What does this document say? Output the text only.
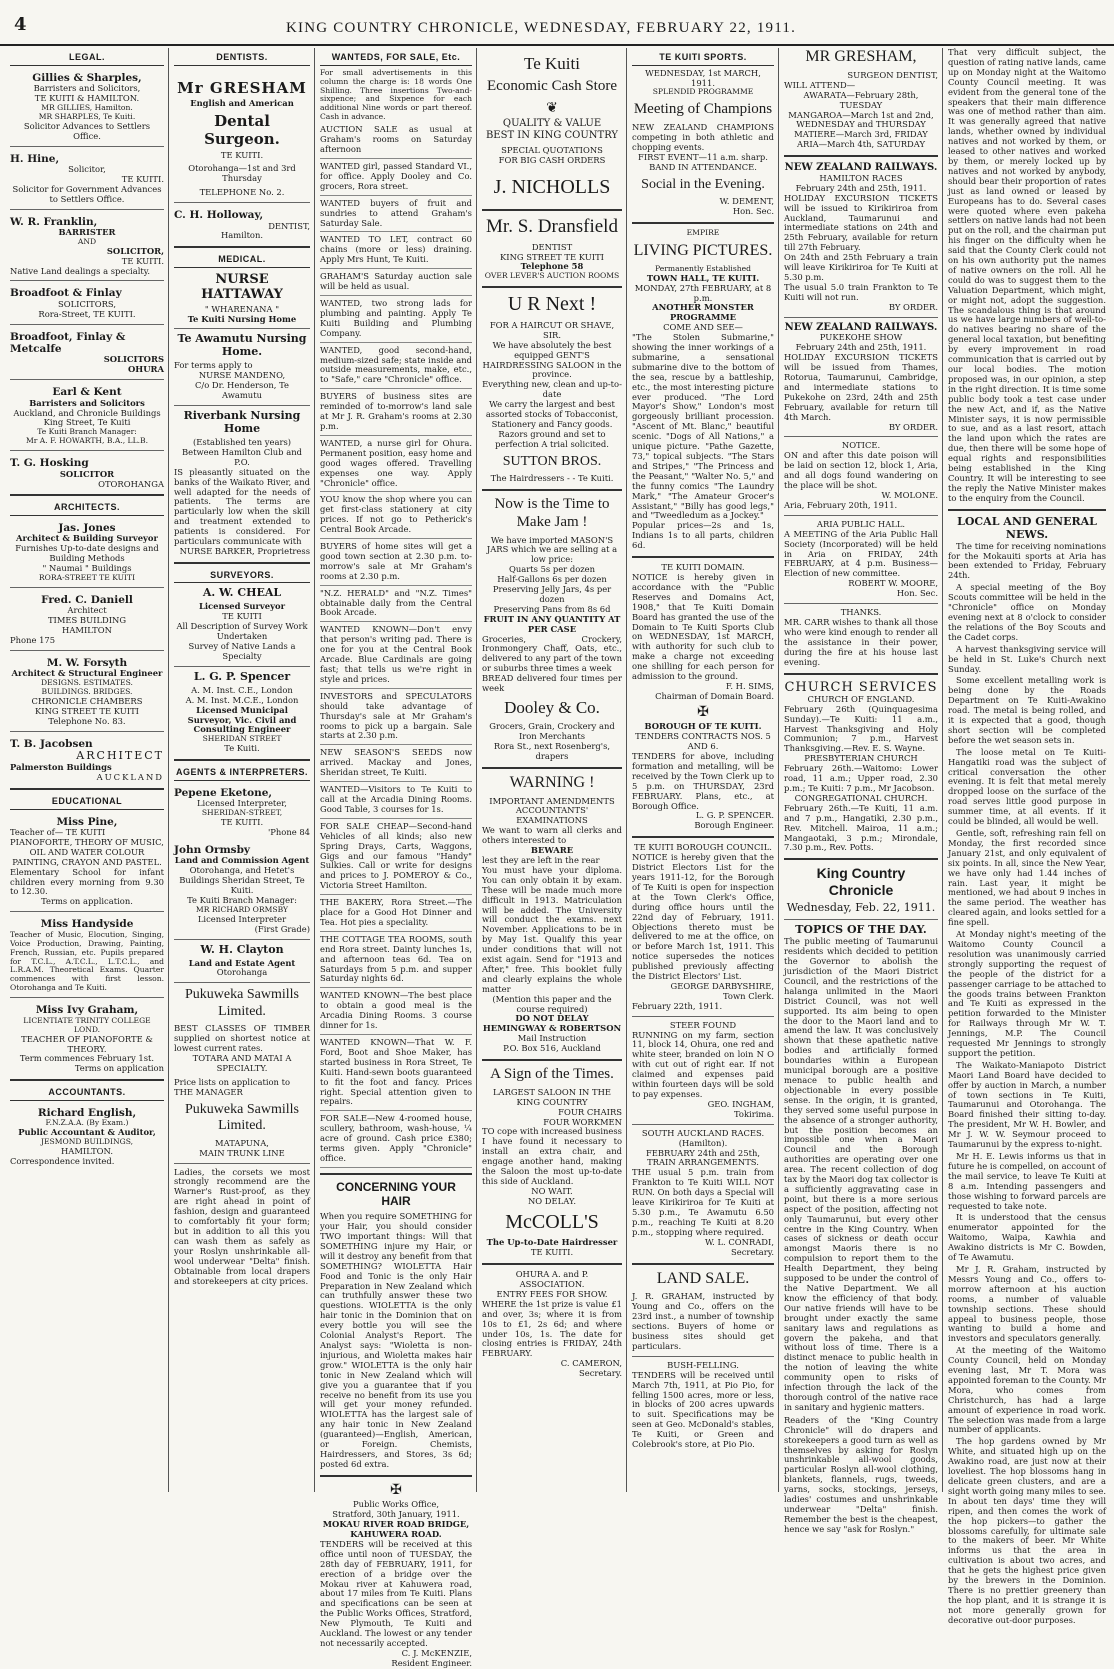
4	KING COUNTRY CHRONICLE, WEDNESDAY, FEBRUARY 22, 1911.
LEGAL.
Gillies & Sharples,
Barristers and Solicitors,
TE KUITI & HAMILTON.
MR GILLIES, Hamilton.
MR SHARPLES, Te Kuiti.
Solicitor Advances to Settlers Office.
H. Hine,
Solicitor,
TE KUITI.
Solicitor for Government Advances to Settlers Office.
W. R. Franklin,
BARRISTER
AND
SOLICITOR,
TE KUITI.
Native Land dealings a specialty.
Broadfoot & Finlay
SOLICITORS,
Rora-Street, TE KUITI.
Broadfoot, Finlay & Metcalfe
SOLICITORS
OHURA
Earl & Kent
Barristers and Solicitors
Auckland, and Chronicle Buildings King Street, Te Kuiti
Te Kuiti Branch Manager:
Mr A. F. HOWARTH, B.A., LL.B.
T. G. Hosking
SOLICITOR
OTOROHANGA
ARCHITECTS.
Jas. Jones
Architect & Building Surveyor
Furnishes Up-to-date designs and Building Methods
" Naumai " Buildings
RORA-STREET TE KUITI
Fred. C. Daniell
Architect
TIMES BUILDING
HAMILTON
Phone 175
M. W. Forsyth
Architect & Structural Engineer
DESIGNS. ESTIMATES.
BUILDINGS. BRIDGES.
CHRONICLE CHAMBERS
KING STREET TE KUITI
Telephone No. 83.
T. B. Jacobsen
ARCHITECT
Palmerston Buildings
AUCKLAND
EDUCATIONAL
Miss Pine,
Teacher of— TE KUITI
PIANOFORTE, THEORY OF MUSIC, OIL AND WATER COLOUR PAINTING, CRAYON AND PASTEL.
Elementary School for infant children every morning from 9.30 to 12.30.
Terms on application.
Miss Handyside
Teacher of Music, Elocution, Singing, Voice Production, Drawing, Painting, French, Russian, etc. Pupils prepared for T.C.L., A.T.C.L., L.T.C.L., and L.R.A.M. Theoretical Exams. Quarter commences with first lesson. Otorohanga and Te Kuiti.
Miss Ivy Graham,
LICENTIATE TRINITY COLLEGE LOND.
TEACHER OF PIANOFORTE & THEORY.
Term commences February 1st.
Terms on application
ACCOUNTANTS.
Richard English,
F.N.Z.A.A. (By Exam.)
Public Accountant & Auditor,
JESMOND BUILDINGS,
HAMILTON.
Correspondence invited.
DENTISTS.
Mr GRESHAM
English and American
Dental Surgeon.
TE KUITI.
Otorohanga—1st and 3rd Thursday
TELEPHONE No. 2.
C. H. Holloway,
DENTIST,
Hamilton.
MEDICAL.
NURSE HATTAWAY
" WHARENANA "
Te Kuiti Nursing Home
Te Awamutu Nursing Home.
For terms apply to
NURSE MANDENO,
C/o Dr. Henderson, Te Awamutu
Riverbank Nursing Home
(Established ten years)
Between Hamilton Club and P.O.
IS pleasantly situated on the banks of the Waikato River, and well adapted for the needs of patients. The terms are particularly low when the skill and treatment extended to patients is considered. For particulars communicate with
NURSE BARKER, Proprietress
SURVEYORS.
A. W. CHEAL
Licensed Surveyor
TE KUITI
All Description of Survey Work
Undertaken
Survey of Native Lands a Specialty
L. G. P. Spencer
A. M. Inst. C.E., London
A. M. Inst. M.C.E., London
Licensed Municipal Surveyor, Vic. Civil and Consulting Engineer
SHERIDAN STREET
Te Kuiti.
AGENTS & INTERPRETERS.
Pepene Eketone,
Licensed Interpreter,
SHERIDAN-STREET,
TE KUITI.
'Phone 84
John Ormsby
Land and Commission Agent
Otorohanga, and Hetet's Buildings Sheridan Street, Te Kuiti.
Te Kuiti Branch Manager:
MR RICHARD ORMSBY
Licensed Interpreter
(First Grade)
W. H. Clayton
Land and Estate Agent
Otorohanga
Pukuweka Sawmills Limited.
BEST CLASSES OF TIMBER supplied on shortest notice at lowest current rates.
TOTARA AND MATAI A SPECIALTY.
Price lists on application to
THE MANAGER
Pukuweka Sawmills Limited.
MATAPUNA,
MAIN TRUNK LINE
Ladies, the corsets we most strongly recommend are the Warner's Rust-proof, as they are right ahead in point of fashion, design and guaranteed to comfortably fit your form; but in addition to all this you can wash them as safely as your Roslyn unshrinkable all-wool underwear "Delta" finish. Obtainable from local drapers and storekeepers at city prices.
WANTEDS, FOR SALE, Etc.
For small advertisements in this column the charge is: 18 words One Shilling. Three insertions Two-and-sixpence; and Sixpence for each additional Nine words or part thereof. Cash in advance.
AUCTION SALE as usual at Graham's rooms on Saturday afternoon
WANTED girl, passed Standard VI., for office. Apply Dooley and Co. grocers, Rora street.
WANTED buyers of fruit and sundries to attend Graham's Saturday Sale.
WANTED TO LET, contract 60 chains (more or less) draining. Apply Mrs Hunt, Te Kuiti.
GRAHAM'S Saturday auction sale will be held as usual.
WANTED, two strong lads for plumbing and painting. Apply Te Kuiti Building and Plumbing Company.
WANTED, good second-hand, medium-sized safe; state inside and outside measurements, make, etc., to "Safe," care "Chronicle" office.
BUYERS of business sites are reminded of to-morrow's land sale at Mr J. R. Graham's rooms at 2.30 p.m.
WANTED, a nurse girl for Ohura. Permanent position, easy home and good wages offered. Travelling expenses one way. Apply "Chronicle" office.
YOU know the shop where you can get first-class stationery at city prices. If not go to Petherick's Central Book Arcade.
BUYERS of home sites will get a good town section at 2.30 p.m. to-morrow's sale at Mr Graham's rooms at 2.30 p.m.
"N.Z. HERALD" and "N.Z. Times" obtainable daily from the Central Book Arcade.
WANTED KNOWN—Don't envy that person's writing pad. There is one for you at the Central Book Arcade. Blue Cardinals are going fast; that tells us we're right in style and prices.
INVESTORS and SPECULATORS should take advantage of Thursday's sale at Mr Graham's rooms to pick up a bargain. Sale starts at 2.30 p.m.
NEW SEASON'S SEEDS now arrived. Mackay and Jones, Sheridan street, Te Kuiti.
WANTED—Visitors to Te Kuiti to call at the Arcadia Dining Rooms. Good Table, 3 courses for 1s.
FOR SALE CHEAP—Second-hand Vehicles of all kinds; also new Spring Drays, Carts, Waggons, Gigs and our famous "Handy" Sulkies. Call or write for designs and prices to J. POMEROY & Co., Victoria Street Hamilton.
THE BAKERY, Rora Street.—The place for a Good Hot Dinner and Tea. Hot pies a speciality.
THE COTTAGE TEA ROOMS, south end Rora street. Dainty lunches 1s, and afternoon teas 6d. Tea on Saturdays from 5 p.m. and supper Saturday nights 6d.
WANTED KNOWN—The best place to obtain a good meal is the Arcadia Dining Rooms. 3 course dinner for 1s.
WANTED KNOWN—That W. F. Ford, Boot and Shoe Maker, has started business in Rora Street, Te Kuiti. Hand-sewn boots guaranteed to fit the foot and fancy. Prices right. Special attention given to repairs.
FOR SALE—New 4-roomed house, scullery, bathroom, wash-house, ¼ acre of ground. Cash price £380; terms given. Apply "Chronicle" office.
CONCERNING YOUR HAIR
When you require SOMETHING for your Hair, you should consider TWO important things: Will that SOMETHING injure my Hair, or will it destroy any benefit from that SOMETHING? WIOLETTA Hair Food and Tonic is the only Hair Preparation in New Zealand which can truthfully answer these two questions. WIOLETTA is the only hair tonic in the Dominion that on every bottle you will see the Colonial Analyst's Report. The Analyst says: "Wioletta is non-injurious, and Wioletta makes hair grow." WIOLETTA is the only hair tonic in New Zealand which will give you a guarantee that if you receive no benefit from its use you will get your money refunded. WIOLETTA has the largest sale of any hair tonic in New Zealand (guaranteed)—English, American, or Foreign. Chemists, Hairdressers, and Stores, 3s 6d; posted 6d extra.
✠
Public Works Office,
Stratford, 30th January, 1911.
MOKAU RIVER ROAD BRIDGE, KAHUWERA ROAD.
TENDERS will be received at this office until noon of TUESDAY, the 28th day of FEBRUARY, 1911, for erection of a bridge over the Mokau river at Kahuwera road, about 17 miles from Te Kuiti. Plans and specifications can be seen at the Public Works Offices, Stratford, New Plymouth, Te Kuiti and Auckland. The lowest or any tender not necessarily accepted.
C. J. McKENZIE,
Resident Engineer.
Te Kuiti
Economic Cash Store
❦
QUALITY & VALUE
BEST IN KING COUNTRY
SPECIAL QUOTATIONS
FOR BIG CASH ORDERS
J. NICHOLLS
Mr. S. Dransfield
DENTIST
KING STREET TE KUITI
Telephone 58
OVER LEVER'S AUCTION ROOMS
U R Next !
FOR A HAIRCUT OR SHAVE, SIR.
We have absolutely the best equipped GENT'S HAIRDRESSING SALOON in the province.
Everything new, clean and up-to-date
We carry the largest and best assorted stocks of Tobacconist, Stationery and Fancy goods.
Razors ground and set to perfection A trial solicited.
SUTTON BROS.
The Hairdressers - - Te Kuiti.
Now is the Time to Make Jam !
We have imported MASON'S JARS which we are selling at a low price:
Quarts 5s per dozen
Half-Gallons 6s per dozen
Preserving Jelly Jars, 4s per dozen
Preserving Pans from 8s 6d
FRUIT IN ANY QUANTITY AT PER CASE
Groceries, Crockery, Ironmongery Chaff, Oats, etc., delivered to any part of the town or suburbs three times a week
BREAD delivered four times per week
Dooley & Co.
Grocers, Grain, Crockery and Iron Merchants
Rora St., next Rosenberg's, drapers
WARNING !
IMPORTANT AMENDMENTS
ACCOUNTANTS' EXAMINATIONS
We want to warn all clerks and others interested to
BEWARE
lest they are left in the rear
You must have your diploma. You can only obtain it by exam. These will be made much more difficult in 1913. Matriculation will be added. The University will conduct the exams. next November. Applications to be in by May 1st. Qualify this year under conditions that will not exist again. Send for "1913 and After," free. This booklet fully and clearly explains the whole matter
(Mention this paper and the course required)
DO NOT DELAY
HEMINGWAY & ROBERTSON
Mail Instruction
P.O. Box 516, Auckland
A Sign of the Times.
LARGEST SALOON IN THE KING COUNTRY
FOUR CHAIRS
FOUR WORKMEN
TO cope with increased business I have found it necessary to install an extra chair, and engage another hand, making the Saloon the most up-to-date this side of Auckland.
NO WAIT.
NO DELAY.
McCOLL'S
The Up-to-Date Hairdresser
TE KUITI.
OHURA A. and P. ASSOCIATION.
ENTRY FEES FOR SHOW.
WHERE the 1st prize is value £1 and over, 3s; where it is from 10s to £1, 2s 6d; and where under 10s, 1s. The date for closing entries is FRIDAY, 24th FEBRUARY.
C. CAMERON,
Secretary.
TE KUITI SPORTS.
WEDNESDAY, 1st MARCH, 1911.
SPLENDID PROGRAMME
Meeting of Champions
NEW ZEALAND CHAMPIONS competing in both athletic and chopping events.
FIRST EVENT—11 a.m. sharp.
BAND IN ATTENDANCE.
Social in the Evening.
W. DEMENT,
Hon. Sec.
EMPIRE
LIVING PICTURES.
Permanently Established
TOWN HALL, TE KUITI.
MONDAY, 27th FEBRUARY, at 8 p.m.
ANOTHER MONSTER PROGRAMME
COME AND SEE—
"The Stolen Submarine," showing the inner workings of a submarine, a sensational submarine dive to the bottom of the sea, rescue by a battleship, etc., the most interesting picture ever produced. "The Lord Mayor's Show," London's most gorgeously brilliant procession. "Ascent of Mt. Blanc," beautiful scenic. "Dogs of All Nations," a unique picture. "Pathe Gazette, 73," topical subjects. "The Stars and Stripes," "The Princess and the Peasant," "Walter No. 5," and the funny comics "The Laundry Mark," "The Amateur Grocer's Assistant," "Billy has good legs," and "Tweedledum as a Jockey."
Popular prices—2s and 1s, Indians 1s to all parts, children 6d.
TE KUITI DOMAIN.
NOTICE is hereby given in accordance with the "Public Reserves and Domains Act, 1908," that Te Kuiti Domain Board has granted the use of the Domain to Te Kuiti Sports Club on WEDNESDAY, 1st MARCH, with authority for such club to make a charge not exceeding one shilling for each person for admission to the ground.
F. H. SIMS,
Chairman of Domain Board.
✠
BOROUGH OF TE KUITI.
TENDERS CONTRACTS NOS. 5 AND 6.
TENDERS for above, including formation and metalling, will be received by the Town Clerk up to 5 p.m. on THURSDAY, 23rd FEBRUARY. Plans, etc., at Borough Office.
L. G. P. SPENCER.
Borough Engineer.
TE KUITI BOROUGH COUNCIL.
NOTICE is hereby given that the District Electors List for the years 1911-12, for the Borough of Te Kuiti is open for inspection at the Town Clerk's Office, during office hours until the 22nd day of February, 1911. Objections thereto must be delivered to me at the office, on or before March 1st, 1911. This notice supersedes the notices published previously affecting the District Electors' List.
GEORGE DARBYSHIRE,
Town Clerk.
February 22th, 1911.
STEER FOUND
RUNNING on my farm, section 11, block 14, Ohura, one red and white steer, branded on loin N O with cut out of right ear. If not claimed and expenses paid within fourteen days will be sold to pay expenses.
GEO. INGHAM,
Tokirima.
SOUTH AUCKLAND RACES. (Hamilton).
FEBRUARY 24th and 25th,
TRAIN ARRANGEMENTS.
THE usual 5 p.m. train from Frankton to Te Kuiti WILL NOT RUN. On both days a Special will leave Kirikiriroa for Te Kuiti at 5.30 p.m., Te Awamutu 6.50 p.m., reaching Te Kuiti at 8.20 p.m., stopping where required.
W. L. CONRADI,
Secretary.
LAND SALE.
J. R. GRAHAM, instructed by Young and Co., offers on the 23rd inst., a number of township sections. Buyers of home or business sites should get particulars.
BUSH-FELLING.
TENDERS will be received until March 7th, 1911, at Pio Pio, for felling 1500 acres, more or less, in blocks of 200 acres upwards to suit. Specifications may be seen at Geo. McDonald's stables, Te Kuiti, or Green and Colebrook's store, at Pio Pio.
MR GRESHAM,
SURGEON DENTIST,
WILL ATTEND—
AWARATA—February 28th, TUESDAY
MANGAROA—March 1st and 2nd, WEDNESDAY and THURSDAY
MATIERE—March 3rd, FRIDAY
ARIA—March 4th, SATURDAY
NEW ZEALAND RAILWAYS.
HAMILTON RACES
February 24th and 25th, 1911.
HOLIDAY EXCURSION TICKETS will be issued to Kirikiriroa from Auckland, Taumarunui and intermediate stations on 24th and 25th February, available for return till 27th February.
On 24th and 25th February a train will leave Kirikiriroa for Te Kuiti at 5.30 p.m.
The usual 5.0 train Frankton to Te Kuiti will not run.
BY ORDER.
NEW ZEALAND RAILWAYS.
PUKEKOHE SHOW
February 24th and 25th, 1911.
HOLIDAY EXCURSION TICKETS will be issued from Thames, Rotorua, Taumarunui, Cambridge, and intermediate stations to Pukekohe on 23rd, 24th and 25th February, available for return till 4th March.
BY ORDER.
NOTICE.
ON and after this date poison will be laid on section 12, block 1, Aria, and all dogs found wandering on the place will be shot.
W. MOLONE.
Aria, February 20th, 1911.
ARIA PUBLIC HALL.
A MEETING of the Aria Public Hall Society (Incorporated) will be held in Aria on FRIDAY, 24th FEBRUARY, at 4 p.m. Business—Election of new committee.
ROBERT W. MOORE,
Hon. Sec.
THANKS.
MR. CARR wishes to thank all those who were kind enough to render all the assistance in their power, during the fire at his house last evening.
CHURCH SERVICES
CHURCH OF ENGLAND.
February 26th (Quinquagesima Sunday).—Te Kuiti: 11 a.m., Harvest Thanksgiving and Holy Communion; 7 p.m., Harvest Thanksgiving.—Rev. E. S. Wayne.
PRESBYTERIAN CHURCH
February 26th.—Waitomo: Lower road, 11 a.m.; Upper road, 2.30 p.m.; Te Kuiti: 7 p.m., Mr Jacobson.
CONGREGATIONAL CHURCH.
February 26th.—Te Kuiti, 11 a.m. and 7 p.m., Hangatiki, 2.30 p.m., Rev. Mitchell. Mairoa, 11 a.m.; Mangaotaki, 3 p.m.; Mirondale, 7.30 p.m., Rev. Potts.
King Country Chronicle
Wednesday, Feb. 22, 1911.
TOPICS OF THE DAY.
The public meeting of Taumarunui residents which decided to petition the Governor to abolish the jurisdiction of the Maori District Council, and the restrictions of the halanga unlimited in the Maori District Council, was not well supported. Its aim being to open the door to the Maori land and to amend the law. It was conclusively shown that these apathetic native bodies and artificially formed boundaries within a European municipal borough are a positive menace to public health and objectionable in every possible sense. In the origin, it is granted, they served some useful purpose in the absence of a stronger authority, but the position becomes an impossible one when a Maori Council and the Borough authorities are operating over one area. The recent collection of dog tax by the Maori dog tax collector is a sufficiently aggravating case in point, but there is a more serious aspect of the position, affecting not only Taumarunui, but every other centre in the King Country. When cases of sickness or death occur amongst Maoris there is no compulsion to report them to the Health Department, they being supposed to be under the control of the Native Department. We all know the efficiency of that body. Our native friends will have to be brought under exactly the same sanitary laws and regulations as govern the pakeha, and that without loss of time. There is a distinct menace to public health in the notion of leaving the white community open to risks of infection through the lack of the thorough control of the native race in sanitary and hygienic matters.
Readers of the "King Country Chronicle" will do drapers and storekeepers a good turn as well as themselves by asking for Roslyn unshrinkable all-wool goods, particular Roslyn all-wool clothing, blankets, flannels, rugs, tweeds, yarns, socks, stockings, jerseys, ladies' costumes and unshrinkable underwear "Delta" finish. Remember the best is the cheapest, hence we say "ask for Roslyn."
That very difficult subject, the question of rating native lands, came up on Monday night at the Waitomo County Council meeting. It was evident from the general tone of the speakers that their main difference was one of method rather than aim. It was generally agreed that native lands, whether owned by individual natives and not worked by them, or leased to other natives and worked by them, or merely locked up by natives and not worked by anybody, should bear their proportion of rates just as land owned or leased by Europeans has to do. Several cases were quoted where even pakeha settlers on native lands had not been put on the roll, and the chairman put his finger on the difficulty when he said that the County Clerk could not on his own authority put the names of native owners on the roll. All he could do was to suggest them to the Valuation Department, which might, or might not, adopt the suggestion. The scandalous thing is that around us we have large numbers of well-to-do natives bearing no share of the general local taxation, but benefiting by every improvement in road communication that is carried out by our local bodies. The motion proposed was, in our opinion, a step in the right direction. It is time some public body took a test case under the new Act, and if, as the Native Minister says, it is now permissible to sue, and as a last resort, attach the land upon which the rates are due, then there will be some hope of equal rights and responsibilities being established in the King Country. It will be interesting to see the reply the Native Minister makes to the enquiry from the Council.
LOCAL AND GENERAL NEWS.
The time for receiving nominations for the Mokauiti sports at Aria has been extended to Friday, February 24th.
A special meeting of the Boy Scouts committee will be held in the "Chronicle" office on Monday evening next at 8 o'clock to consider the relations of the Boy Scouts and the Cadet corps.
A harvest thanksgiving service will be held in St. Luke's Church next Sunday.
Some excellent metalling work is being done by the Roads Department on Te Kuiti-Awakino road. The metal is being rolled, and it is expected that a good, though short section will be completed before the wet season sets in.
The loose metal on Te Kuiti-Hangatiki road was the subject of critical conversation the other evening. It is felt that metal merely dropped loose on the surface of the road serves little good purpose in summer time, at all events. If it could be blinded, all would be well.
Gentle, soft, refreshing rain fell on Monday, the first recorded since January 21st, and only equivalent of six points. In all, since the New Year, we have only had 1.44 inches of rain. Last year, it might be mentioned, we had about 9 inches in the same period. The weather has cleared again, and looks settled for a fine spell.
At Monday night's meeting of the Waitomo County Council a resolution was unanimously carried strongly supporting the request of the people of the district for a passenger carriage to be attached to the goods trains between Frankton and Te Kuiti as expressed in the petition forwarded to the Minister for Railways through Mr W. T. Jennings, M.P. The Council requested Mr Jennings to strongly support the petition.
The Waikato-Maniapoto District Maori Land Board have decided to offer by auction in March, a number of town sections in Te Kuiti, Taumarunui and Otorohanga. The Board finished their sitting to-day. The president, Mr W. H. Bowler, and Mr J. W. W. Seymour proceed to Taumarunui by the express to-night.
Mr H. E. Lewis informs us that in future he is compelled, on account of the mail service, to leave Te Kuiti at 8 a.m. Intending passengers and those wishing to forward parcels are requested to take note.
It is understood that the census enumerator appointed for the Waitomo, Waipa, Kawhia and Awakino districts is Mr C. Bowden, of Te Awamutu.
Mr J. R. Graham, instructed by Messrs Young and Co., offers to-morrow afternoon at his auction rooms, a number of valuable township sections. These should appeal to business people, those wanting to build a home and investors and speculators generally.
At the meeting of the Waitomo County Council, held on Monday evening last, Mr T. Mora was appointed foreman to the County. Mr Mora, who comes from Christchurch, has had a large amount of experience in road work. The selection was made from a large number of applicants.
The hop gardens owned by Mr White, and situated high up on the Awakino road, are just now at their loveliest. The hop blossoms hang in delicate green clusters, and are a sight worth going many miles to see. In about ten days' time they will ripen, and then comes the work of the hop pickers—to gather the blossoms carefully, for ultimate sale to the makers of beer. Mr White informs us that the area in cultivation is about two acres, and that he gets the highest price given by the brewers in the Dominion. There is no prettier greenery than the hop plant, and it is strange it is not more generally grown for decorative out-door purposes.
